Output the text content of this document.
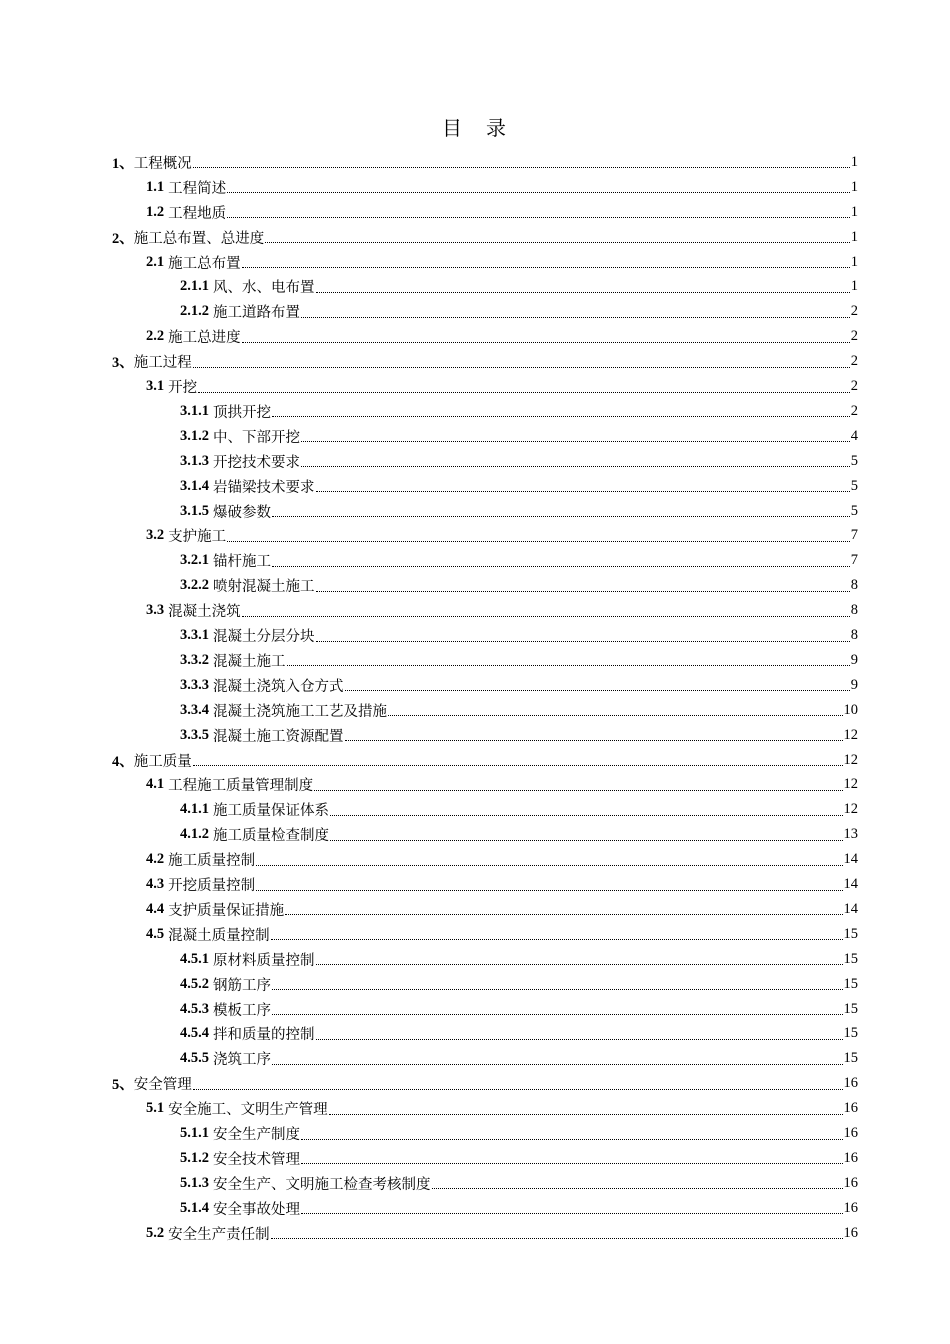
目　录
1、 工程概况	1
1.1 工程简述	1
1.2 工程地质	1
2、 施工总布置、总进度	1
2.1 施工总布置	1
2.1.1 风、水、电布置	1
2.1.2 施工道路布置	2
2.2 施工总进度	2
3、 施工过程	2
3.1 开挖	2
3.1.1 顶拱开挖	2
3.1.2 中、下部开挖	4
3.1.3 开挖技术要求	5
3.1.4 岩锚梁技术要求	5
3.1.5 爆破参数	5
3.2 支护施工	7
3.2.1 锚杆施工	7
3.2.2 喷射混凝土施工	8
3.3 混凝土浇筑	8
3.3.1 混凝土分层分块	8
3.3.2 混凝土施工	9
3.3.3 混凝土浇筑入仓方式	9
3.3.4 混凝土浇筑施工工艺及措施	10
3.3.5 混凝土施工资源配置	12
4、 施工质量	12
4.1 工程施工质量管理制度	12
4.1.1 施工质量保证体系	12
4.1.2 施工质量检查制度	13
4.2 施工质量控制	14
4.3 开挖质量控制	14
4.4 支护质量保证措施	14
4.5 混凝土质量控制	15
4.5.1 原材料质量控制	15
4.5.2 钢筋工序	15
4.5.3 模板工序	15
4.5.4 拌和质量的控制	15
4.5.5 浇筑工序	15
5、 安全管理	16
5.1 安全施工、文明生产管理	16
5.1.1 安全生产制度	16
5.1.2 安全技术管理	16
5.1.3 安全生产、文明施工检查考核制度	16
5.1.4 安全事故处理	16
5.2 安全生产责任制	16
